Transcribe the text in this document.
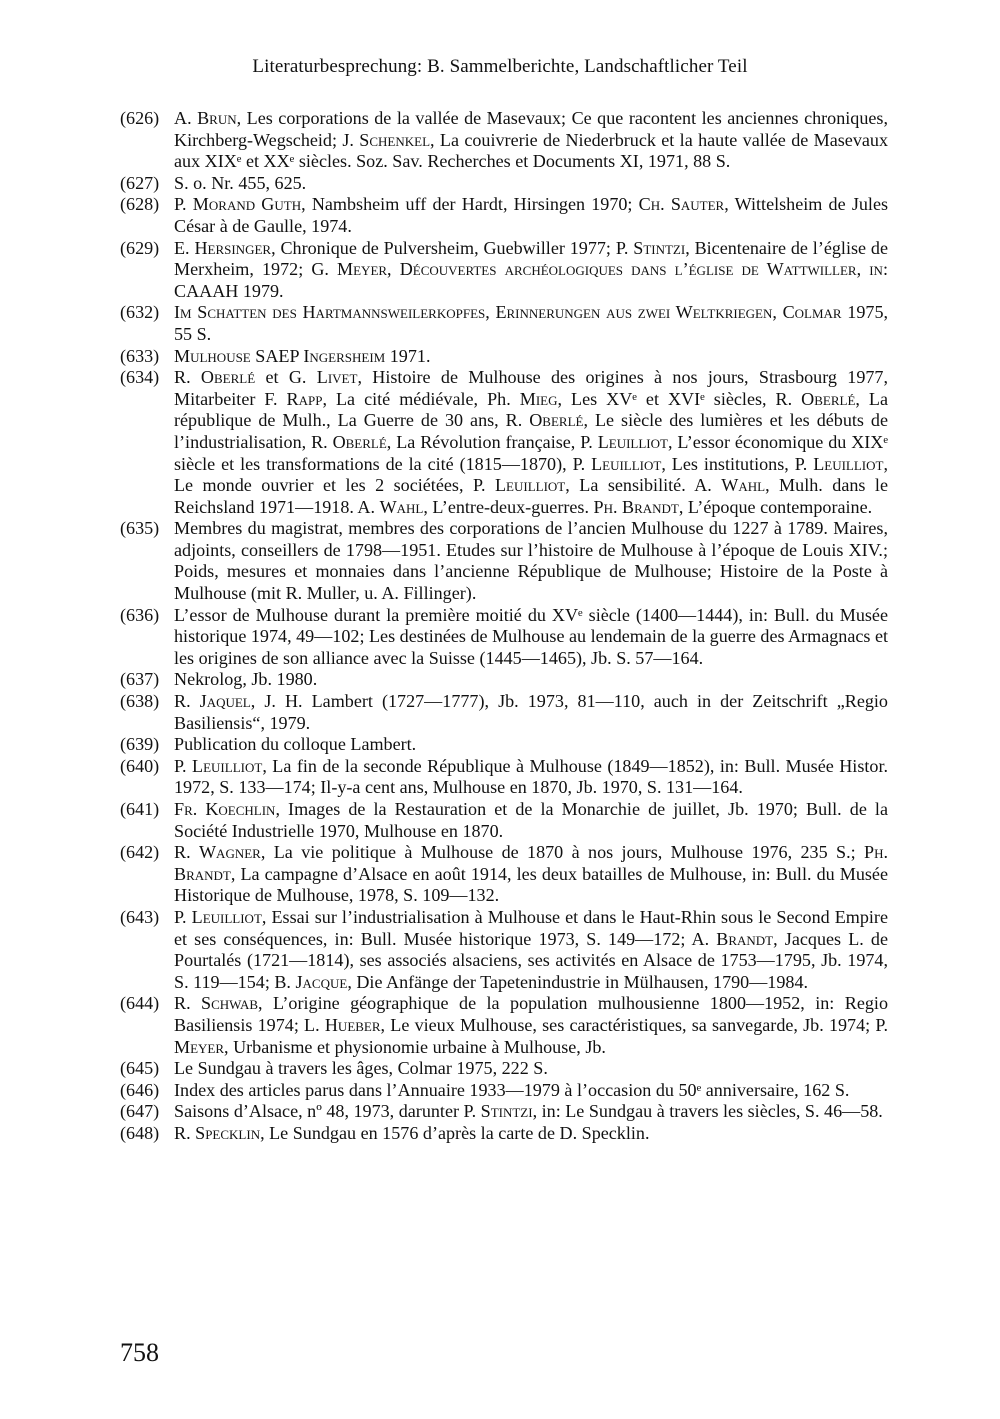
Literaturbesprechung: B. Sammelberichte, Landschaftlicher Teil
(626) A. Brun, Les corporations de la vallée de Masevaux; Ce que racontent les anciennes chroniques, Kirchberg-Wegscheid; J. Schenkel, La couivrerie de Niederbruck et la haute vallée de Masevaux aux XIXᵉ et XXᵉ siècles. Soz. Sav. Recherches et Documents XI, 1971, 88 S.
(627) S. o. Nr. 455, 625.
(628) P. Morand Guth, Nambsheim uff der Hardt, Hirsingen 1970; Ch. Sauter, Wittelsheim de Jules César à de Gaulle, 1974.
(629) E. Hersinger, Chronique de Pulversheim, Guebwiller 1977; P. Stintzi, Bicentenaire de l’église de Merxheim, 1972; G. Meyer, Découvertes archéologiques dans l’église de Wattwiller, in: CAAAH 1979.
(632) Im Schatten des Hartmannsweilerkopfes, Erinnerungen aus zwei Weltkriegen, Colmar 1975, 55 S.
(633) Mulhouse SAEP Ingersheim 1971.
(634) R. Oberlé et G. Livet, Histoire de Mulhouse des origines à nos jours, Strasbourg 1977, Mitarbeiter F. Rapp, La cité médiévale, Ph. Mieg, Les XVᵉ et XVIᵉ siècles, R. Oberlé, La république de Mulh., La Guerre de 30 ans, R. Oberlé, Le siècle des lumières et les débuts de l’industrialisation, R. Oberlé, La Révolution française, P. Leuilliot, L’essor économique du XIXᵉ siècle et les transformations de la cité (1815—1870), P. Leuilliot, Les institutions, P. Leuilliot, Le monde ouvrier et les 2 sociétées, P. Leuilliot, La sensibilité. A. Wahl, Mulh. dans le Reichsland 1971—1918. A. Wahl, L’entre-deux-guerres. Ph. Brandt, L’époque contemporaine.
(635) Membres du magistrat, membres des corporations de l’ancien Mulhouse du 1227 à 1789. Maires, adjoints, conseillers de 1798—1951. Etudes sur l’histoire de Mulhouse à l’époque de Louis XIV.; Poids, mesures et monnaies dans l’ancienne République de Mulhouse; Histoire de la Poste à Mulhouse (mit R. Muller, u. A. Fillinger).
(636) L’essor de Mulhouse durant la première moitié du XVᵉ siècle (1400—1444), in: Bull. du Musée historique 1974, 49—102; Les destinées de Mulhouse au lendemain de la guerre des Armagnacs et les origines de son alliance avec la Suisse (1445—1465), Jb. S. 57—164.
(637) Nekrolog, Jb. 1980.
(638) R. Jaquel, J. H. Lambert (1727—1777), Jb. 1973, 81—110, auch in der Zeitschrift „Regio Basiliensis“, 1979.
(639) Publication du colloque Lambert.
(640) P. Leuilliot, La fin de la seconde République à Mulhouse (1849—1852), in: Bull. Musée Histor. 1972, S. 133—174; Il-y-a cent ans, Mulhouse en 1870, Jb. 1970, S. 131—164.
(641) Fr. Koechlin, Images de la Restauration et de la Monarchie de juillet, Jb. 1970; Bull. de la Société Industrielle 1970, Mulhouse en 1870.
(642) R. Wagner, La vie politique à Mulhouse de 1870 à nos jours, Mulhouse 1976, 235 S.; Ph. Brandt, La campagne d’Alsace en août 1914, les deux batailles de Mulhouse, in: Bull. du Musée Historique de Mulhouse, 1978, S. 109—132.
(643) P. Leuilliot, Essai sur l’industrialisation à Mulhouse et dans le Haut-Rhin sous le Second Empire et ses conséquences, in: Bull. Musée historique 1973, S. 149—172; A. Brandt, Jacques L. de Pourtalés (1721—1814), ses associés alsaciens, ses activités en Alsace de 1753—1795, Jb. 1974, S. 119—154; B. Jacque, Die Anfänge der Tapetenindustrie in Mülhausen, 1790—1984.
(644) R. Schwab, L’origine géographique de la population mulhousienne 1800—1952, in: Regio Basiliensis 1974; L. Hueber, Le vieux Mulhouse, ses caractéristiques, sa sanvegarde, Jb. 1974; P. Meyer, Urbanisme et physionomie urbaine à Mulhouse, Jb.
(645) Le Sundgau à travers les âges, Colmar 1975, 222 S.
(646) Index des articles parus dans l’Annuaire 1933—1979 à l’occasion du 50ᵉ anniversaire, 162 S.
(647) Saisons d’Alsace, nº 48, 1973, darunter P. Stintzi, in: Le Sundgau à travers les siècles, S. 46—58.
(648) R. Specklin, Le Sundgau en 1576 d’après la carte de D. Specklin.
758
